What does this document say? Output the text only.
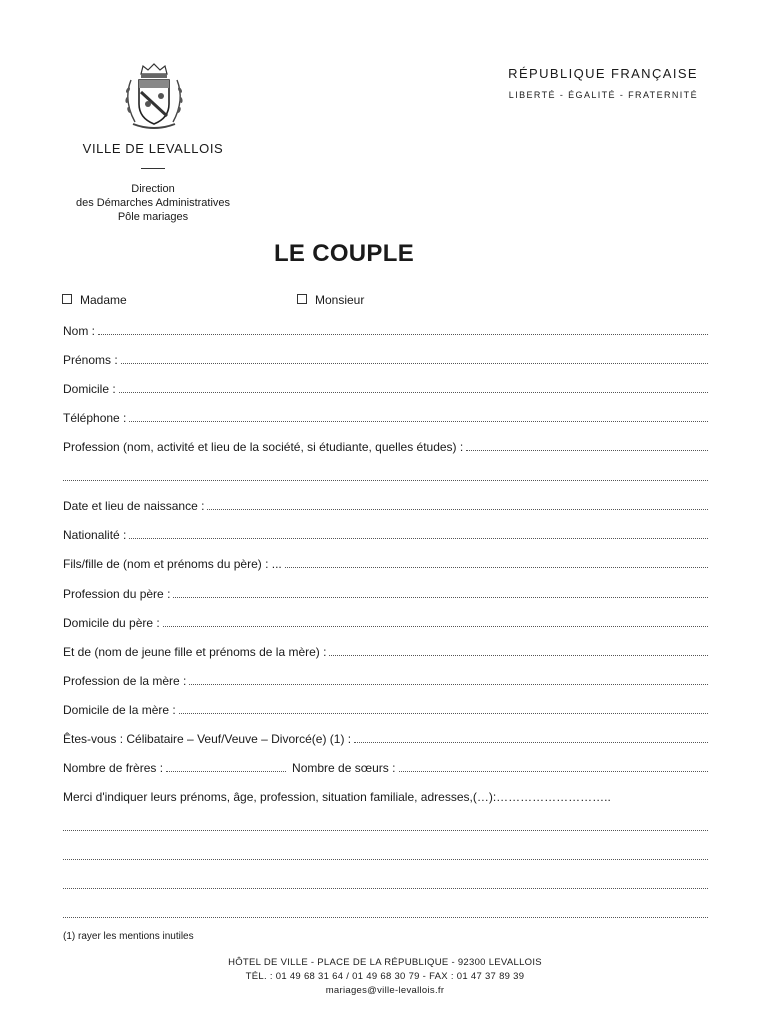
VILLE DE LEVALLOIS
Direction
des Démarches Administratives
Pôle mariages
RÉPUBLIQUE FRANÇAISE
LIBERTÉ - ÉGALITÉ - FRATERNITÉ
LE COUPLE
Madame	Monsieur
Nom :
Prénoms :
Domicile :
Téléphone :
Profession (nom, activité et lieu de la société, si étudiante, quelles études) :
Date et lieu de naissance :
Nationalité :
Fils/fille de (nom et prénoms du père) : ...
Profession du père :
Domicile du père :
Et de (nom de jeune fille et prénoms de la mère) :
Profession de la mère :
Domicile de la mère :
Êtes-vous : Célibataire – Veuf/Veuve – Divorcé(e) (1) :
Nombre de frères :	Nombre de sœurs :
Merci d'indiquer leurs prénoms, âge, profession, situation familiale, adresses,(…):………………………..
(1) rayer les mentions inutiles
HÔTEL DE VILLE - PLACE DE LA RÉPUBLIQUE - 92300 LEVALLOIS
TÉL. : 01 49 68 31 64 / 01 49 68 30 79 - FAX : 01 47 37 89 39
mariages@ville-levallois.fr
